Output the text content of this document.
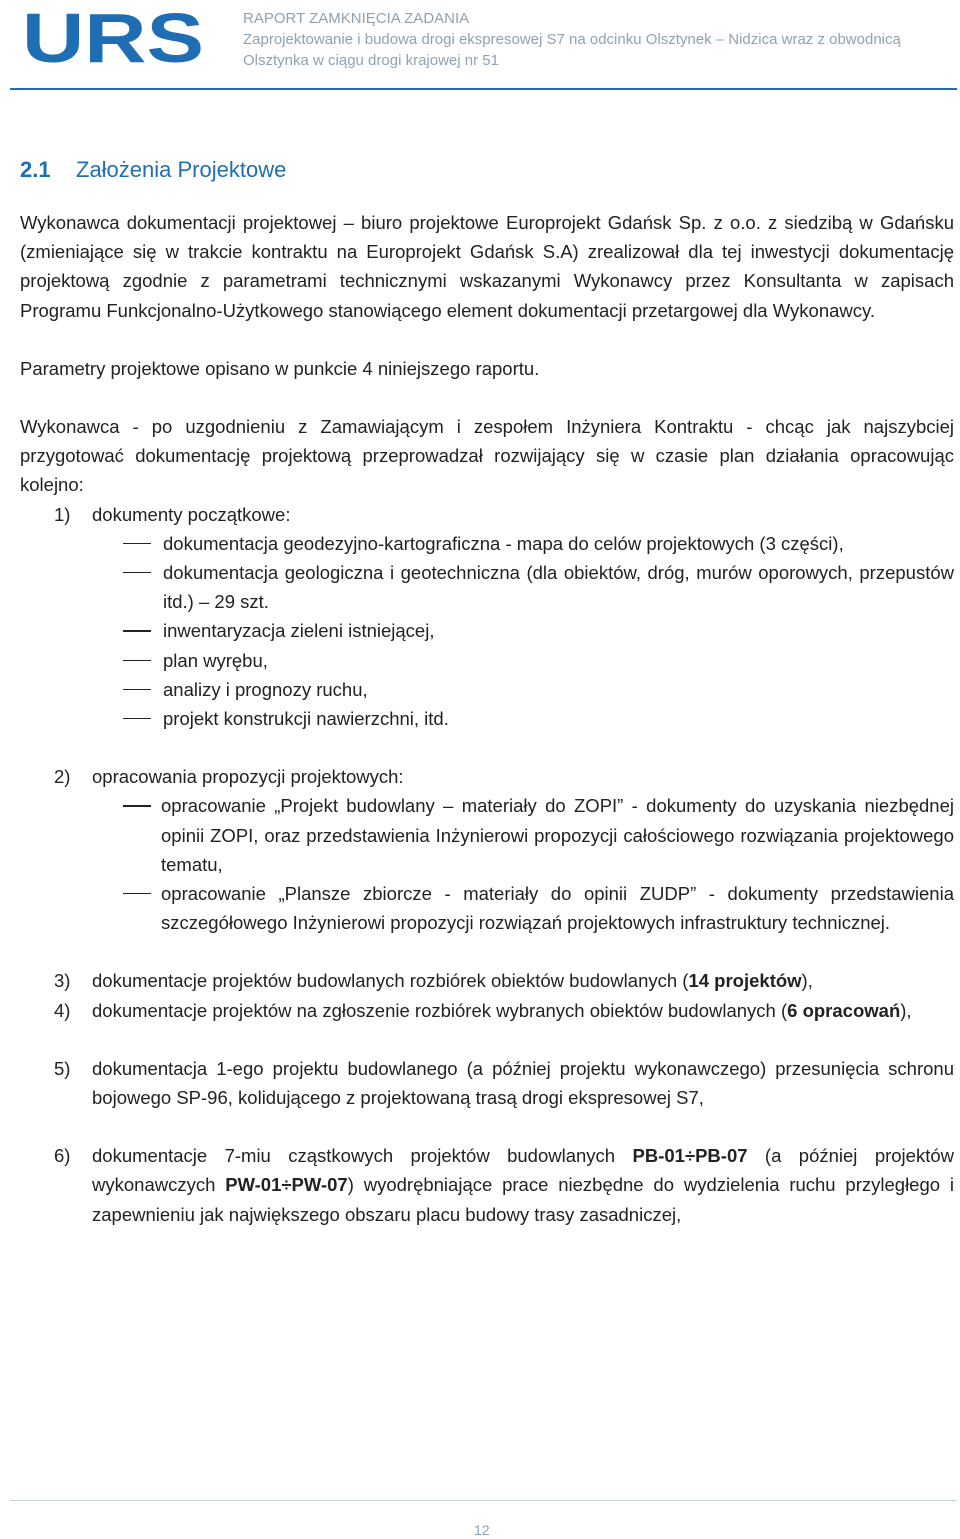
URS	RAPORT ZAMKNIĘCIA ZADANIA
Zaprojektowanie i budowa drogi ekspresowej S7 na odcinku Olsztynek – Nidzica wraz z obwodnicą
Olsztynka w ciągu drogi krajowej nr 51
2.1 Założenia Projektowe

Wykonawca dokumentacji projektowej – biuro projektowe Europrojekt Gdańsk Sp. z o.o. z siedzibą w Gdańsku (zmieniające się w trakcie kontraktu na Europrojekt Gdańsk S.A) zrealizował dla tej inwestycji dokumentację projektową zgodnie z parametrami technicznymi wskazanymi Wykonawcy przez Konsultanta w zapisach Programu Funkcjonalno-Użytkowego stanowiącego element dokumentacji przetargowej dla Wykonawcy.

Parametry projektowe opisano w punkcie 4 niniejszego raportu.

Wykonawca - po uzgodnieniu z Zamawiającym i zespołem Inżyniera Kontraktu - chcąc jak najszybciej przygotować dokumentację projektową przeprowadzał rozwijający się w czasie plan działania opracowując kolejno:

1) dokumenty początkowe:
dokumentacja geodezyjno-kartograficzna - mapa do celów projektowych (3 części),
dokumentacja geologiczna i geotechniczna (dla obiektów, dróg, murów oporowych, przepustów itd.) – 29 szt.
inwentaryzacja zieleni istniejącej,
plan wyrębu,
analizy i prognozy ruchu,
projekt konstrukcji nawierzchni, itd.
2) opracowania propozycji projektowych:
opracowanie „Projekt budowlany – materiały do ZOPI” - dokumenty do uzyskania niezbędnej opinii ZOPI, oraz przedstawienia Inżynierowi propozycji całościowego rozwiązania projektowego tematu,
opracowanie „Plansze zbiorcze - materiały do opinii ZUDP” - dokumenty przedstawienia szczegółowego Inżynierowi propozycji rozwiązań projektowych infrastruktury technicznej.
3) dokumentacje projektów budowlanych rozbiórek obiektów budowlanych (14 projektów),
4) dokumentacje projektów na zgłoszenie rozbiórek wybranych obiektów budowlanych (6 opracowań),
5) dokumentacja 1-ego projektu budowlanego (a później projektu wykonawczego) przesunięcia schronu bojowego SP-96, kolidującego z projektowaną trasą drogi ekspresowej S7,
6) dokumentacje 7-miu cząstkowych projektów budowlanych PB-01÷PB-07 (a później projektów wykonawczych PW-01÷PW-07) wyodrębniające prace niezbędne do wydzielenia ruchu przyległego i zapewnieniu jak największego obszaru placu budowy trasy zasadniczej,
12
